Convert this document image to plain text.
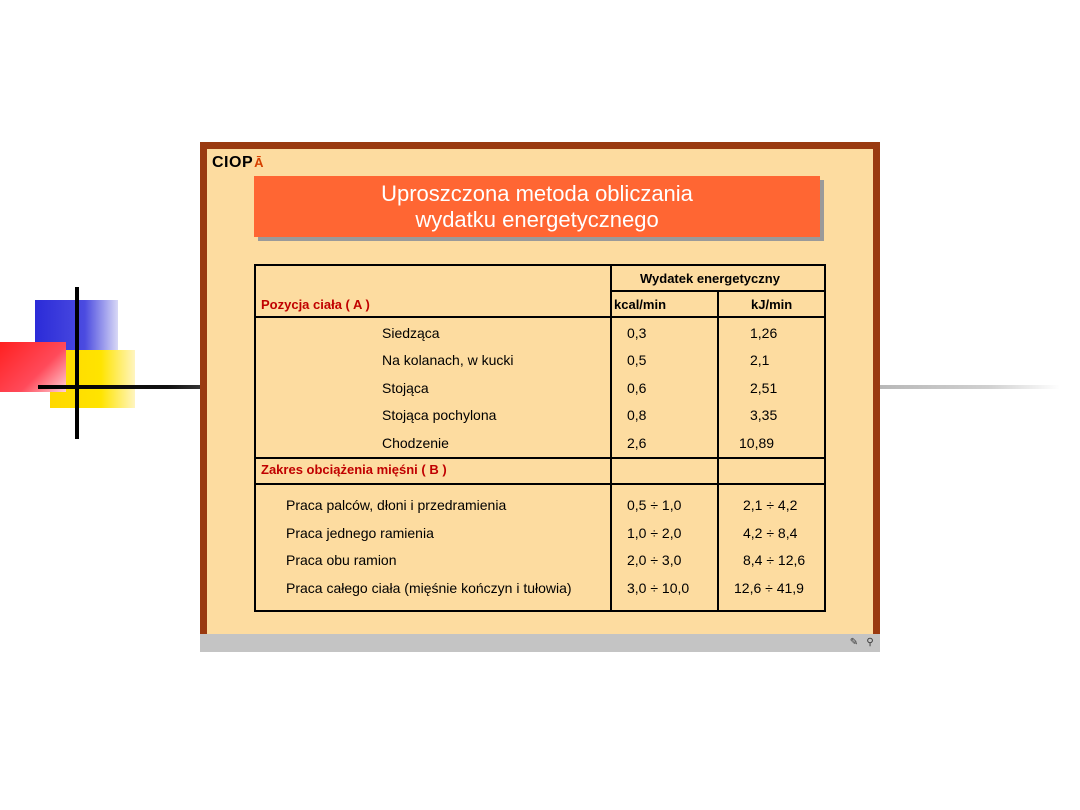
CIOPĀ
Uproszczona metoda obliczania
wydatku energetycznego
Wydatek energetyczny
Pozycja ciała ( A )	kcal/min	kJ/min
Siedząca	0,3	1,26
Na kolanach, w kucki	0,5	2,1
Stojąca	0,6	2,51
Stojąca pochylona	0,8	3,35
Chodzenie	2,6	10,89
Zakres obciążenia mięśni ( B )
Praca palców, dłoni i przedramienia	0,5 ÷ 1,0	2,1 ÷ 4,2
Praca jednego ramienia	1,0 ÷ 2,0	4,2 ÷ 8,4
Praca obu ramion	2,0 ÷ 3,0	8,4 ÷ 12,6
Praca całego ciała (mięśnie kończyn i tułowia)	3,0 ÷ 10,0	12,6 ÷ 41,9
✎ ⚲
